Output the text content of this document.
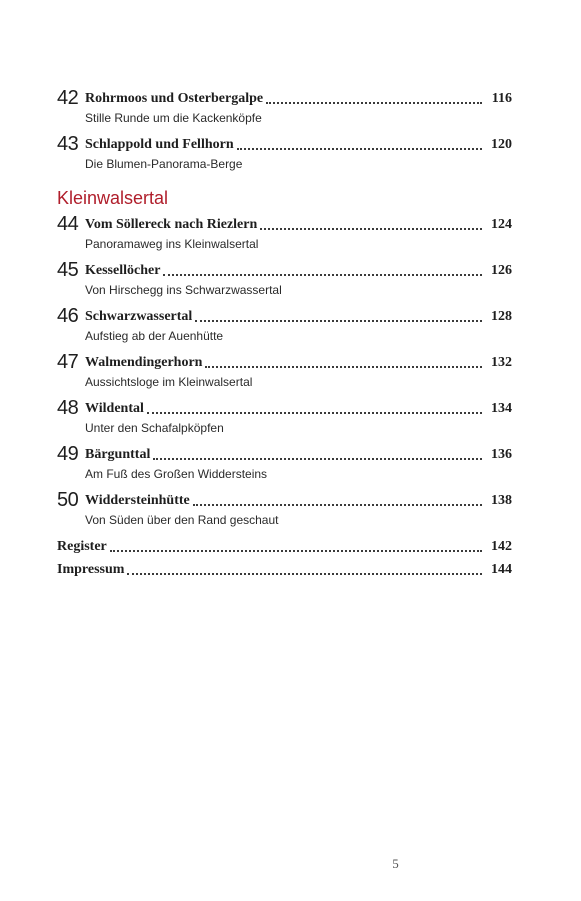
42 Rohrmoos und Osterbergalpe	116
Stille Runde um die Kackenköpfe
43 Schlappold und Fellhorn	120
Die Blumen-Panorama-Berge
Kleinwalsertal
44 Vom Söllereck nach Riezlern	124
Panoramaweg ins Kleinwalsertal
45 Kessellöcher	126
Von Hirschegg ins Schwarzwassertal
46 Schwarzwassertal	128
Aufstieg ab der Auenhütte
47 Walmendingerhorn	132
Aussichtsloge im Kleinwalsertal
48 Wildental	134
Unter den Schafalpköpfen
49 Bärgunttal	136
Am Fuß des Großen Widdersteins
50 Widdersteinhütte	138
Von Süden über den Rand geschaut
Register	142
Impressum	144
5
